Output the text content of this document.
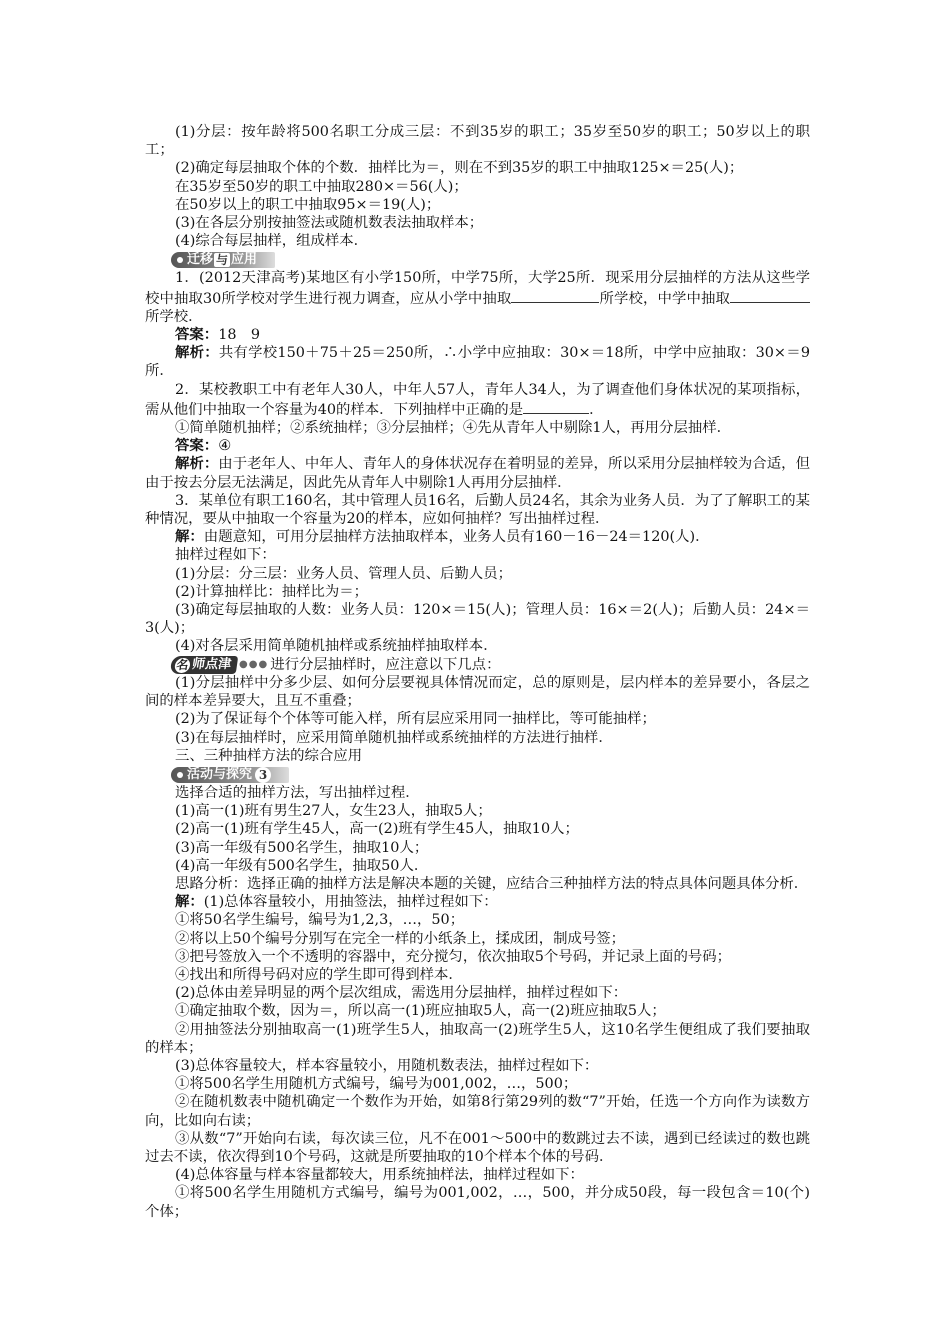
(1)分层：按年龄将500名职工分成三层：不到35岁的职工；35岁至50岁的职工；50岁以上的职工；

(2)确定每层抽取个体的个数．抽样比为＝，则在不到35岁的职工中抽取125×＝25(人)；

在35岁至50岁的职工中抽取280×＝56(人)；

在50岁以上的职工中抽取95×＝19(人)；

(3)在各层分别按抽签法或随机数表法抽取样本；

(4)综合每层抽样，组成样本．

迁移 与 应用

1．(2012天津高考)某地区有小学150所，中学75所，大学25所．现采用分层抽样的方法从这些学校中抽取30所学校对学生进行视力调查，应从小学中抽取	所学校，中学中抽取所学校．

答案：18　9

解析：共有学校150＋75＋25＝250所，∴小学中应抽取：30×＝18所，中学中应抽取：30×＝9所．

2．某校教职工中有老年人30人，中年人57人，青年人34人，为了调查他们身体状况的某项指标，需从他们中抽取一个容量为40的样本．下列抽样中正确的是	．

①简单随机抽样；②系统抽样；③分层抽样；④先从青年人中剔除1人，再用分层抽样．

答案：④

解析：由于老年人、中年人、青年人的身体状况存在着明显的差异，所以采用分层抽样较为合适，但由于按去分层无法满足，因此先从青年人中剔除1人再用分层抽样．

3．某单位有职工160名，其中管理人员16名，后勤人员24名，其余为业务人员．为了了解职工的某种情况，要从中抽取一个容量为20的样本，应如何抽样？写出抽样过程．

解：由题意知，可用分层抽样方法抽取样本，业务人员有160－16－24＝120(人)．

抽样过程如下：

(1)分层：分三层：业务人员、管理人员、后勤人员；

(2)计算抽样比：抽样比为＝；

(3)确定每层抽取的人数：业务人员：120×＝15(人)；管理人员：16×＝2(人)；后勤人员：24×＝3(人)；

(4)对各层采用简单随机抽样或系统抽样抽取样本．

名 师点津 ●●● 进行分层抽样时，应注意以下几点：

(1)分层抽样中分多少层、如何分层要视具体情况而定，总的原则是，层内样本的差异要小，各层之间的样本差异要大，且互不重叠；

(2)为了保证每个个体等可能入样，所有层应采用同一抽样比，等可能抽样；

(3)在每层抽样时，应采用简单随机抽样或系统抽样的方法进行抽样．

三、三种抽样方法的综合应用

活动与探究 3

选择合适的抽样方法，写出抽样过程．

(1)高一(1)班有男生27人，女生23人，抽取5人；

(2)高一(1)班有学生45人，高一(2)班有学生45人，抽取10人；

(3)高一年级有500名学生，抽取10人；

(4)高一年级有500名学生，抽取50人．

思路分析：选择正确的抽样方法是解决本题的关键，应结合三种抽样方法的特点具体问题具体分析．

解：(1)总体容量较小，用抽签法，抽样过程如下：

①将50名学生编号，编号为1,2,3，…，50；

②将以上50个编号分别写在完全一样的小纸条上，揉成团，制成号签；

③把号签放入一个不透明的容器中，充分搅匀，依次抽取5个号码，并记录上面的号码；

④找出和所得号码对应的学生即可得到样本．

(2)总体由差异明显的两个层次组成，需选用分层抽样，抽样过程如下：

①确定抽取个数，因为＝，所以高一(1)班应抽取5人，高一(2)班应抽取5人；

②用抽签法分别抽取高一(1)班学生5人，抽取高一(2)班学生5人，这10名学生便组成了我们要抽取的样本；

(3)总体容量较大，样本容量较小，用随机数表法，抽样过程如下：

①将500名学生用随机方式编号，编号为001,002，…，500；

②在随机数表中随机确定一个数作为开始，如第8行第29列的数“7”开始，任选一个方向作为读数方向，比如向右读；

③从数“7”开始向右读，每次读三位，凡不在001～500中的数跳过去不读，遇到已经读过的数也跳过去不读，依次得到10个号码，这就是所要抽取的10个样本个体的号码．

(4)总体容量与样本容量都较大，用系统抽样法，抽样过程如下：

①将500名学生用随机方式编号，编号为001,002，…，500，并分成50段，每一段包含＝10(个)个体；
